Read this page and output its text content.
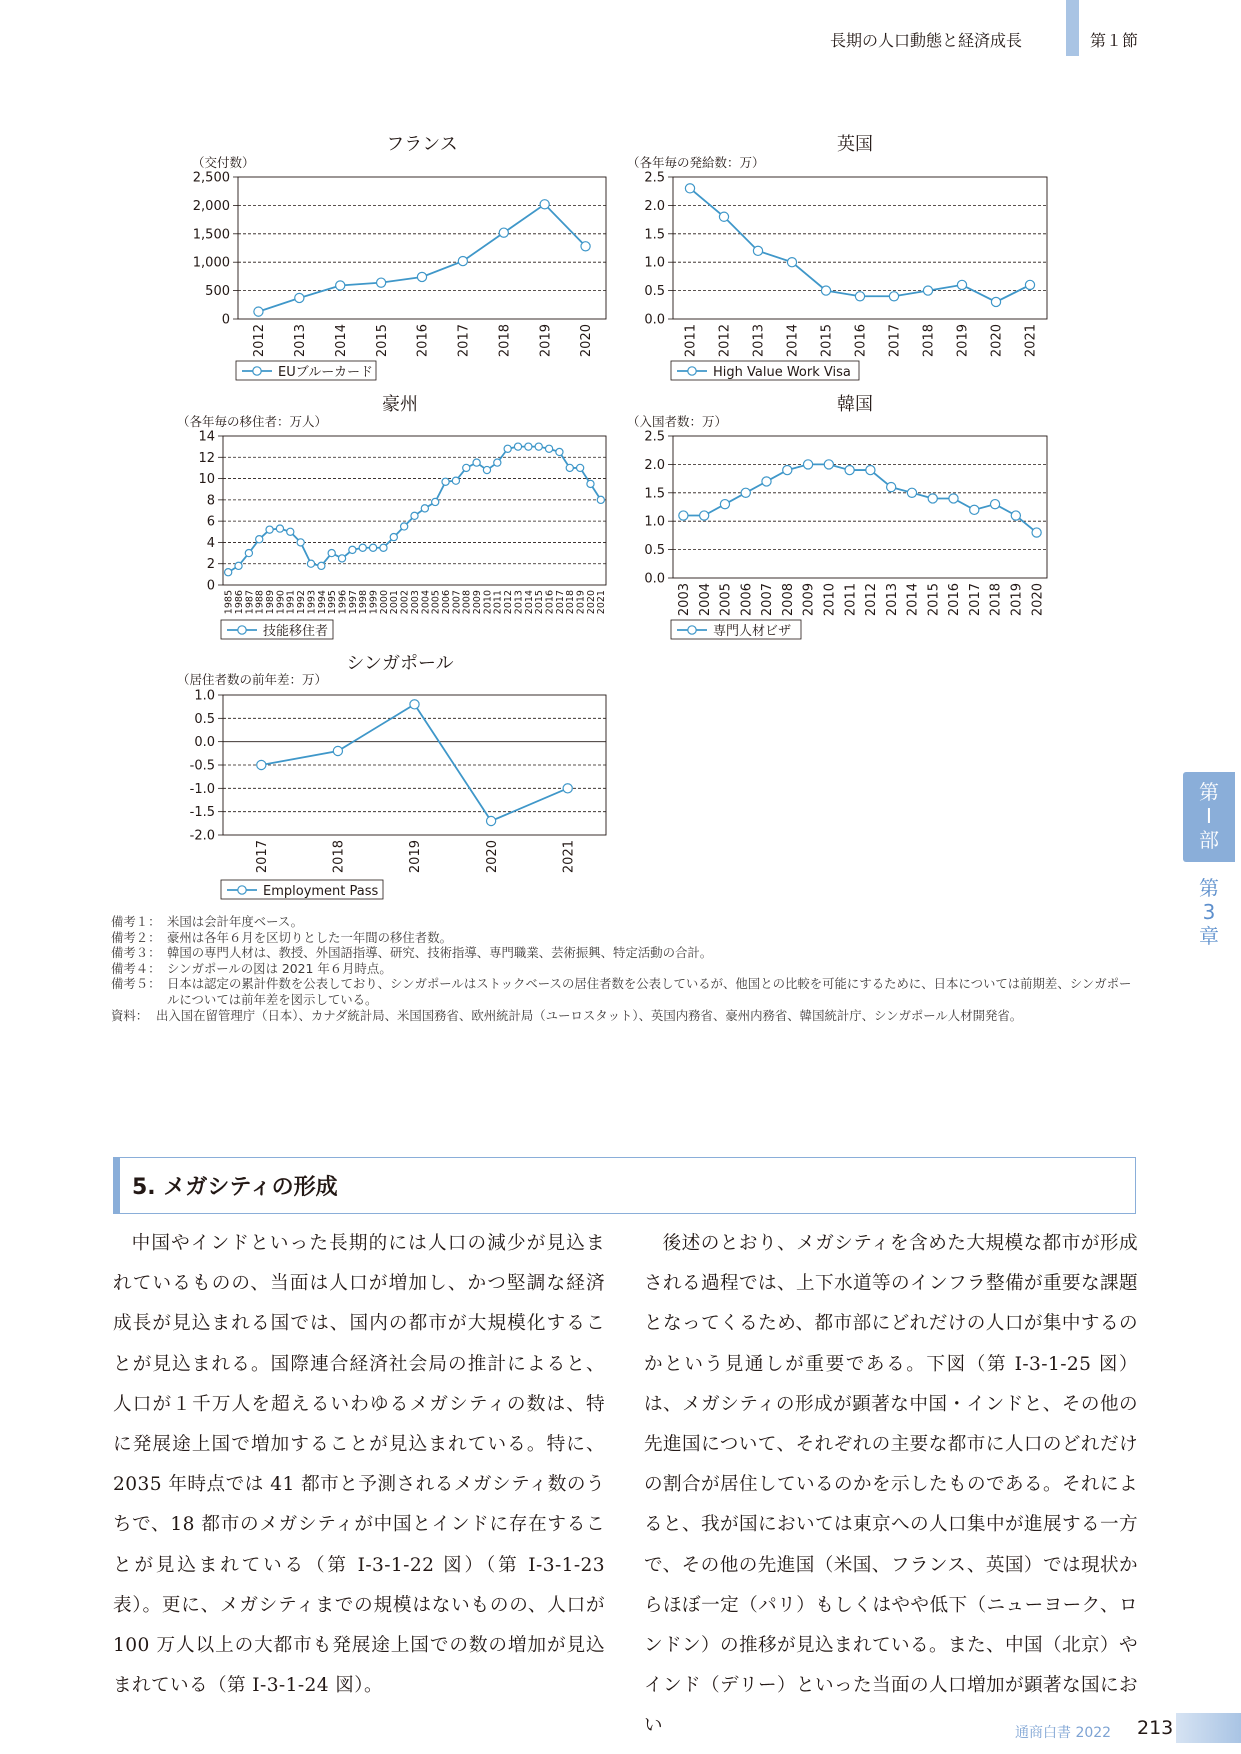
長期の人口動態と経済成長	第１節
フランス
（交付数）
0
500
1,000
1,500
2,000
2,500
2012 2013 2014 2015 2016 2017 2018 2019 2020
EUブルーカード
英国
（各年毎の発給数：万）
0.0
0.5
1.0
1.5
2.0
2.5
2011 2012 2013 2014 2015 2016 2017 2018 2019 2020 2021
High Value Work Visa
豪州
（各年毎の移住者：万人）
0
2
4
6
8
10
12
14
1985 1986 1987 1988 1989 1990 1991 1992 1993 1994 1995 1996 1997 1998 1999 2000 2001 2002 2003 2004 2005 2006 2007 2008 2009 2010 2011 2012 2013 2014 2015 2016 2017 2018 2019 2020 2021
技能移住者
韓国
（入国者数：万）
0.0
0.5
1.0
1.5
2.0
2.5
2003 2004 2005 2006 2007 2008 2009 2010 2011 2012 2013 2014 2015 2016 2017 2018 2019 2020
専門人材ビザ
シンガポール
（居住者数の前年差：万）
-2.0
-1.5
-1.0
-0.5
0.0
0.5
1.0
2017	2018	2019	2020	2021
Employment Pass
第
I
部
第
3
章
備考１： 米国は会計年度ベース。
備考２： 豪州は各年６月を区切りとした一年間の移住者数。
備考３： 韓国の専門人材は、教授、外国語指導、研究、技術指導、専門職業、芸術振興、特定活動の合計。
備考４： シンガポールの図は 2021 年６月時点。
備考５： 日本は認定の累計件数を公表しており、シンガポールはストックベースの居住者数を公表しているが、他国との比較を可能にするために、日本については前期差、シンガポールについては前年差を図示している。
資料： 出入国在留管理庁（日本）、カナダ統計局、米国国務省、欧州統計局（ユーロスタット）、英国内務省、豪州内務省、韓国統計庁、シンガポール人材開発省。
5. メガシティの形成

中国やインドといった長期的には人口の減少が見込まれているものの、当面は人口が増加し、かつ堅調な経済成長が見込まれる国では、国内の都市が大規模化することが見込まれる。国際連合経済社会局の推計によると、人口が１千万人を超えるいわゆるメガシティの数は、特に発展途上国で増加することが見込まれている。特に、2035 年時点では 41 都市と予測されるメガシティ数のうちで、18 都市のメガシティが中国とインドに存在することが見込まれている（第 I-3-1-22 図）（第 I-3-1-23 表）。更に、メガシティまでの規模はないものの、人口が 100 万人以上の大都市も発展途上国での数の増加が見込まれている（第 I-3-1-24 図）。

後述のとおり、メガシティを含めた大規模な都市が形成される過程では、上下水道等のインフラ整備が重要な課題となってくるため、都市部にどれだけの人口が集中するのかという見通しが重要である。下図（第 I-3-1-25 図）は、メガシティの形成が顕著な中国・インドと、その他の先進国について、それぞれの主要な都市に人口のどれだけの割合が居住しているのかを示したものである。それによると、我が国においては東京への人口集中が進展する一方で、その他の先進国（米国、フランス、英国）では現状からほぼ一定（パリ）もしくはやや低下（ニューヨーク、ロンドン）の推移が見込まれている。また、中国（北京）やインド（デリー）といった当面の人口増加が顕著な国におい	通商白書 2022 213
